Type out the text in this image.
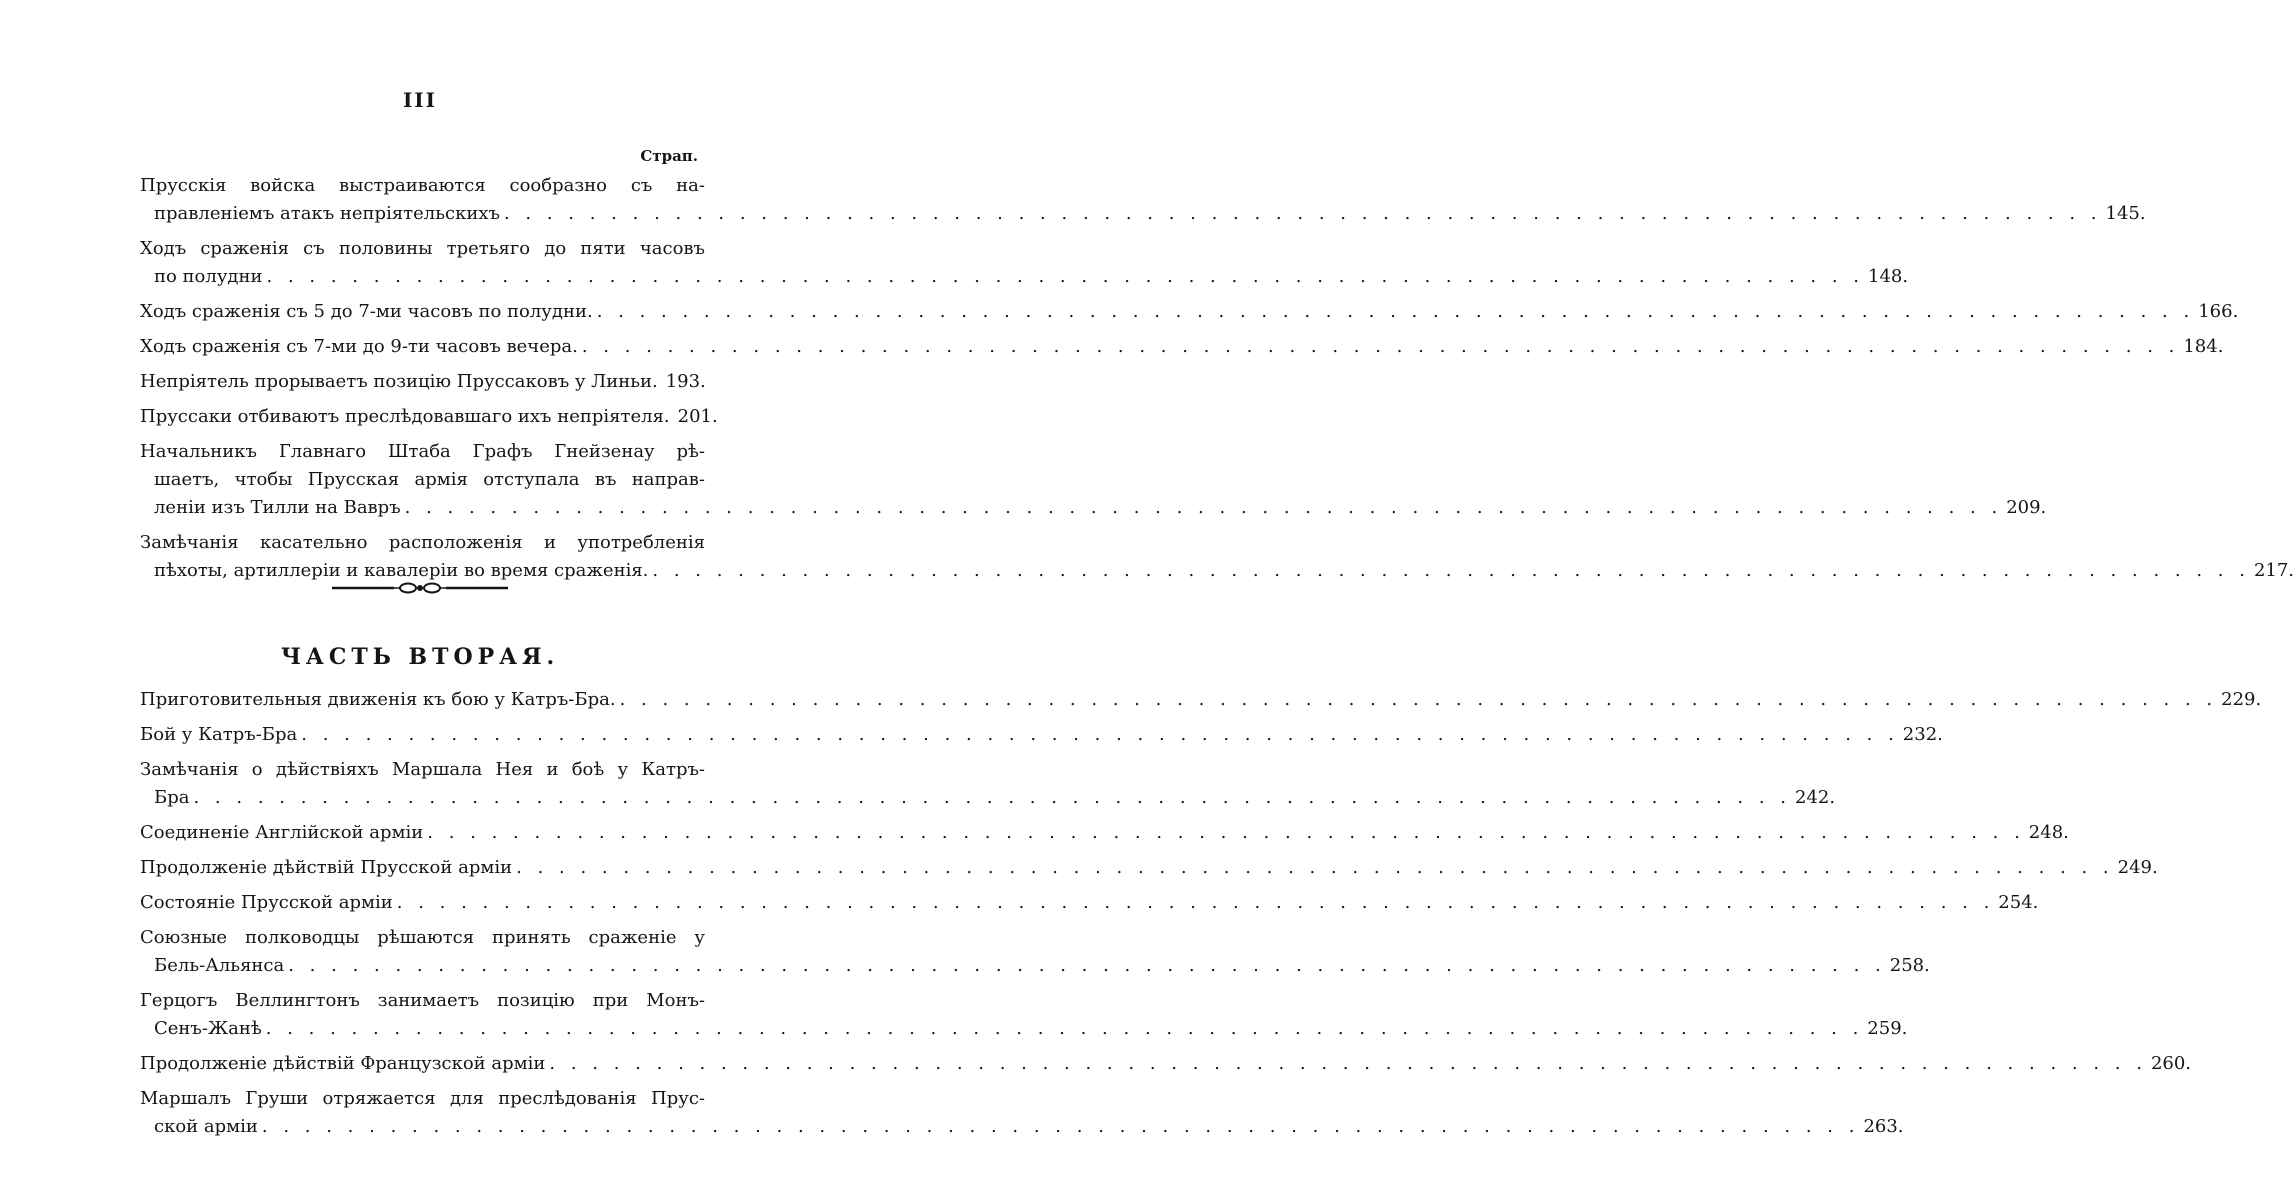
III
Страп.
Прусскія войска выстраиваются сообразно съ на-
правленіемъ атакъ непріятельскихъ . . .	145.
Ходъ сраженія съ половины третьяго до пяти часовъ
по полудни . . .	148.
Ходъ сраженія съ 5 до 7-ми часовъ по полудни. . . .	166.
Ходъ сраженія съ 7-ми до 9-ти часовъ вечера. . . .	184.
Непріятель прорываетъ позицію Пруссаковъ у Линьи. 193.
Пруссаки отбиваютъ преслѣдовавшаго ихъ непріятеля. 201.
Начальникъ Главнаго Штаба Графъ Гнейзенау рѣ-
шаетъ, чтобы Прусская армія отступала въ направ-
леніи изъ Тилли на Вавръ . . .	209.
Замѣчанія касательно расположенія и употребленія
пѣхоты, артиллеріи и кавалеріи во время сраженія. . . .	217.
ЧАСТЬ ВТОРАЯ.
Приготовительныя движенія къ бою у Катръ-Бра. . . .	229.
Бой у Катръ-Бра . . .	232.
Замѣчанія о дѣйствіяхъ Маршала Нея и боѣ у Катръ-
Бра . . .	242.
Соединеніе Англійской арміи . . .	248.
Продолженіе дѣйствій Прусской арміи . . .	249.
Состояніе Прусской арміи . . .	254.
Союзные полководцы рѣшаются принять сраженіе у
Бель-Альянса . . .	258.
Герцогъ Веллингтонъ занимаетъ позицію при Монъ-
Сенъ-Жанѣ . . .	259.
Продолженіе дѣйствій Французской арміи . . .	260.
Маршалъ Груши отряжается для преслѣдованія Прус-
ской арміи . . .	263.
